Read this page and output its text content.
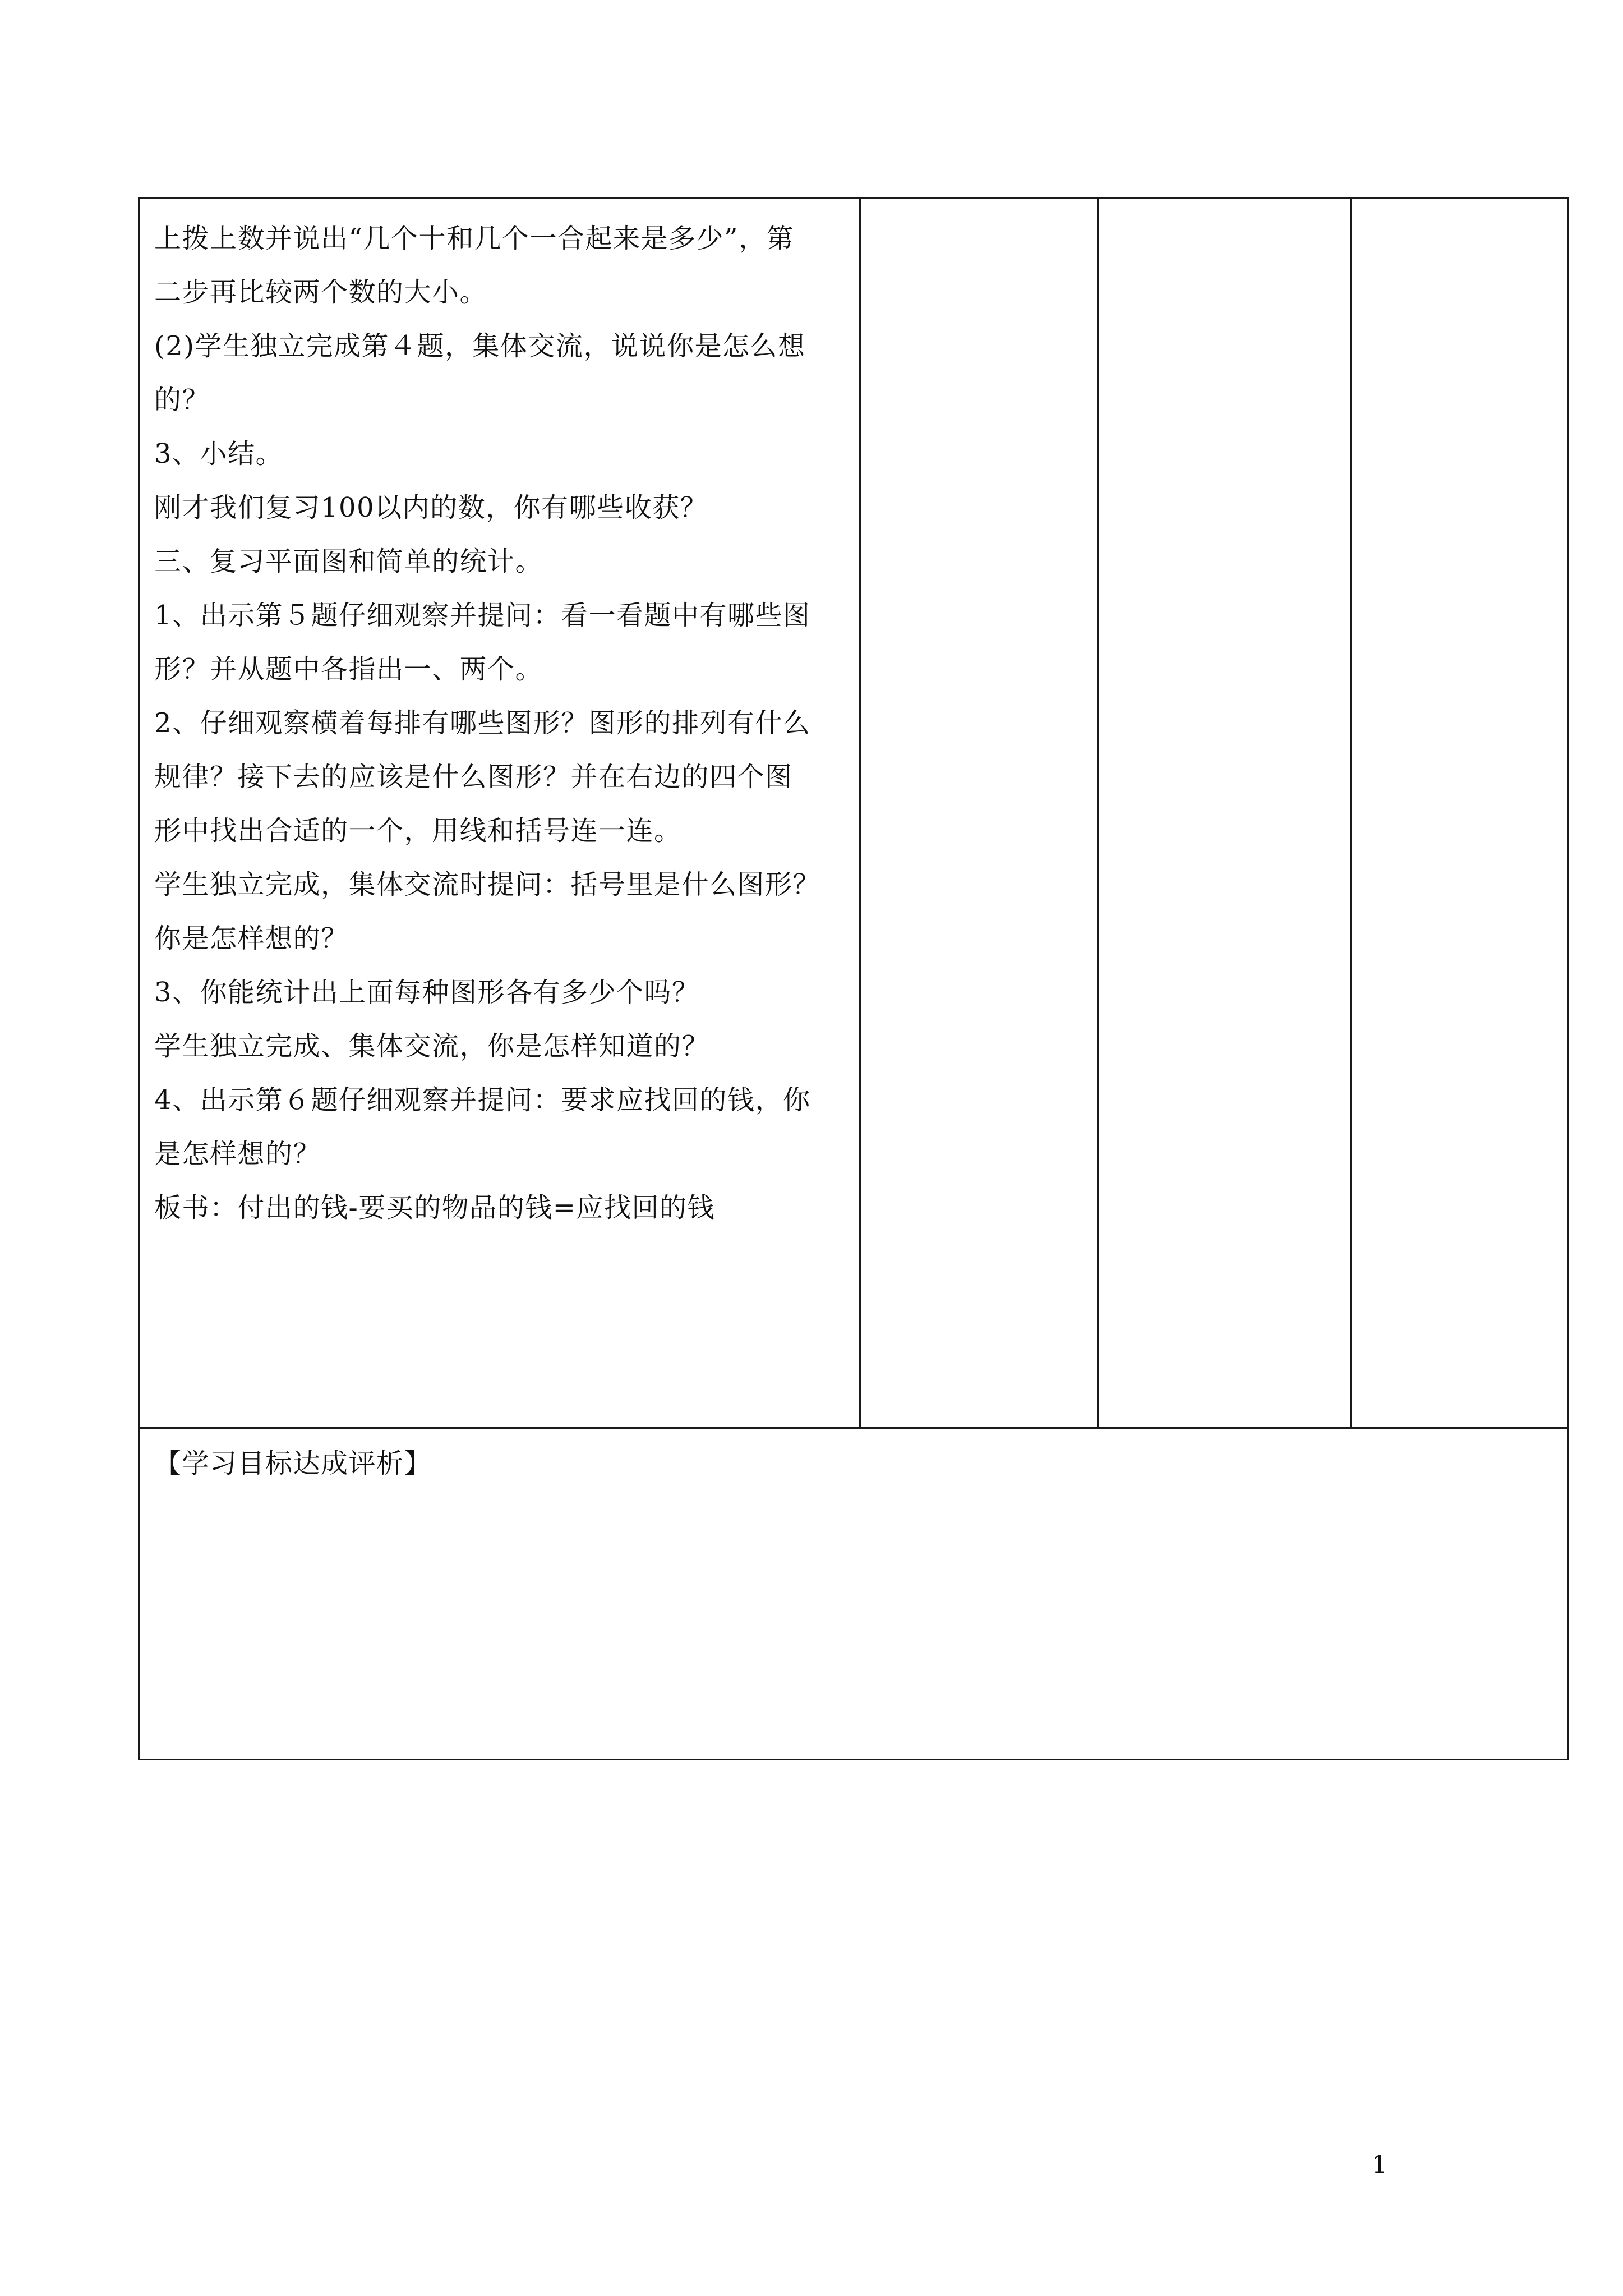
上拨上数并说出“几个十和几个一合起来是多少”，第
二步再比较两个数的大小。
(2)学生独立完成第４题，集体交流，说说你是怎么想
的？
3、小结。
刚才我们复习100以内的数，你有哪些收获？
三、复习平面图和简单的统计。
1、出示第５题仔细观察并提问：看一看题中有哪些图
形？并从题中各指出一、两个。
2、仔细观察横着每排有哪些图形？图形的排列有什么
规律？接下去的应该是什么图形？并在右边的四个图
形中找出合适的一个，用线和括号连一连。
学生独立完成，集体交流时提问：括号里是什么图形？
你是怎样想的？
3、你能统计出上面每种图形各有多少个吗？
学生独立完成、集体交流，你是怎样知道的？
4、出示第６题仔细观察并提问：要求应找回的钱，你
是怎样想的？
板书：付出的钱-要买的物品的钱=应找回的钱
【学习目标达成评析】
1
